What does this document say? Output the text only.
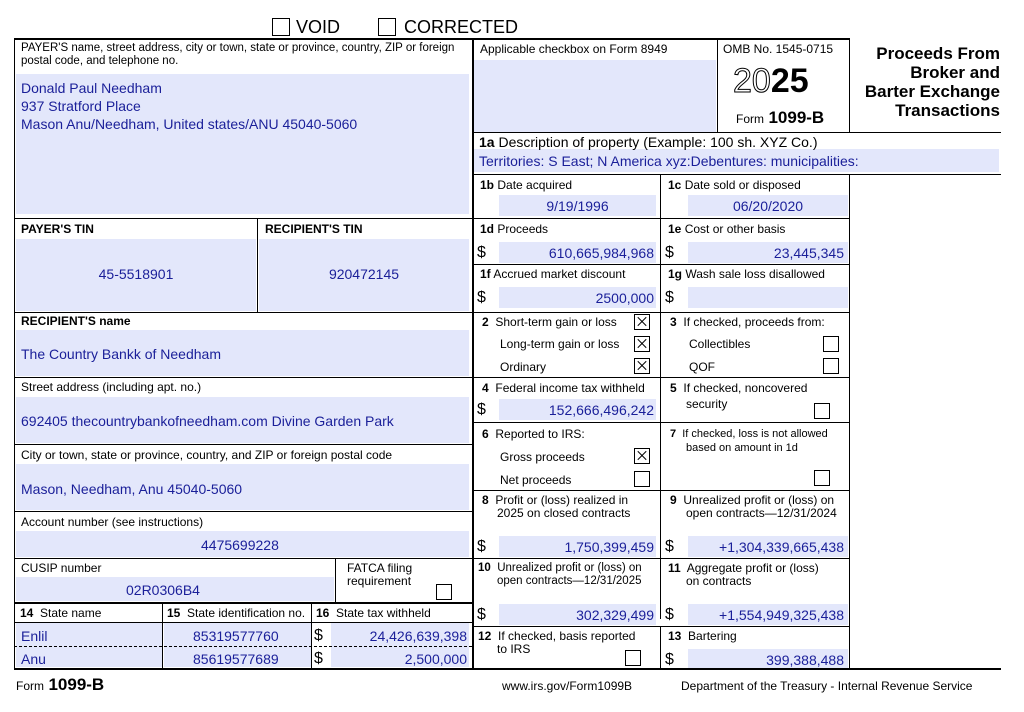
VOID	CORRECTED
PAYER'S name, street address, city or town, state or province, country, ZIP or foreign postal code, and telephone no.
Donald Paul Needham
937 Stratford Place
Mason Anu/Needham, United states/ANU 45040-5060
Applicable checkbox on Form 8949	OMB No. 1545-0715
2025
Form 1099-B
Proceeds From
Broker and
Barter Exchange
Transactions
1a Description of property (Example: 100 sh. XYZ Co.)
Territories: S East; N America xyz:Debentures: municipalities:
1b Date acquired
9/19/1996
1c Date sold or disposed
06/20/2020
PAYER'S TIN
45-5518901
RECIPIENT'S TIN
920472145
1d Proceeds
$	610,665,984,968
1e Cost or other basis
$	23,445,345
1f Accrued market discount
$	2500,000
1g Wash sale loss disallowed
$
RECIPIENT'S name
The Country Bankk of Needham
Street address (including apt. no.)
692405 thecountrybankofneedham.com Divine Garden Park
City or town, state or province, country, and ZIP or foreign postal code
Mason, Needham, Anu 45040-5060
Account number (see instructions)
4475699228
CUSIP number
02R0306B4
FATCA filing
requirement
2 Short-term gain or loss
Long-term gain or loss
Ordinary
3 If checked, proceeds from:
Collectibles
QOF
4 Federal income tax withheld
$	152,666,496,242
5 If checked, noncovered
security
6 Reported to IRS:
Gross proceeds
Net proceeds
7 If checked, loss is not allowed
based on amount in 1d
8 Profit or (loss) realized in
2025 on closed contracts
$	1,750,399,459
9 Unrealized profit or (loss) on
open contracts—12/31/2024
$	+1,304,339,665,438
10 Unrealized profit or (loss) on
open contracts—12/31/2025
$	302,329,499
11 Aggregate profit or (loss)
on contracts
$	+1,554,949,325,438
12 If checked, basis reported
to IRS
13 Bartering
$	399,388,488
14 State name	15 State identification no. 16 State tax withheld
Enlil	85319577760 $	24,426,639,398
Anu	85619577689 $	2,500,000
Form 1099-B	www.irs.gov/Form1099B	Department of the Treasury - Internal Revenue Service
